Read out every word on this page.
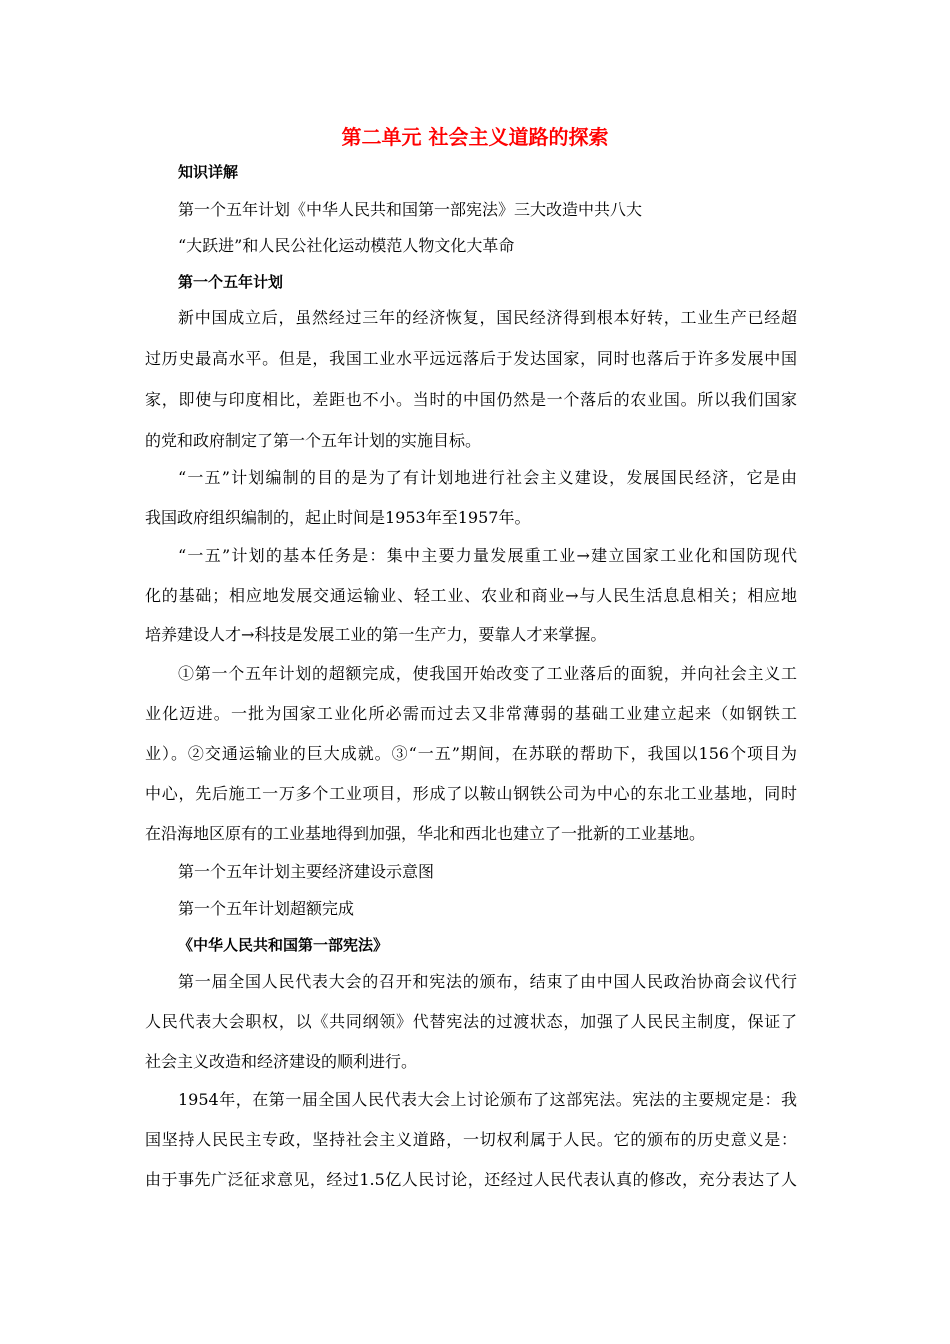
第二单元 社会主义道路的探索
知识详解
第一个五年计划《中华人民共和国第一部宪法》三大改造中共八大
“大跃进”和人民公社化运动模范人物文化大革命
第一个五年计划
新中国成立后，虽然经过三年的经济恢复，国民经济得到根本好转，工业生产已经超
过历史最高水平。但是，我国工业水平远远落后于发达国家，同时也落后于许多发展中国
家，即使与印度相比，差距也不小。当时的中国仍然是一个落后的农业国。所以我们国家
的党和政府制定了第一个五年计划的实施目标。
“一五”计划编制的目的是为了有计划地进行社会主义建设，发展国民经济，它是由
我国政府组织编制的，起止时间是1953年至1957年。
“一五”计划的基本任务是：集中主要力量发展重工业→建立国家工业化和国防现代
化的基础；相应地发展交通运输业、轻工业、农业和商业→与人民生活息息相关；相应地
培养建设人才→科技是发展工业的第一生产力，要靠人才来掌握。
①第一个五年计划的超额完成，使我国开始改变了工业落后的面貌，并向社会主义工
业化迈进。一批为国家工业化所必需而过去又非常薄弱的基础工业建立起来（如钢铁工
业）。②交通运输业的巨大成就。③“一五”期间，在苏联的帮助下，我国以156个项目为
中心，先后施工一万多个工业项目，形成了以鞍山钢铁公司为中心的东北工业基地，同时
在沿海地区原有的工业基地得到加强，华北和西北也建立了一批新的工业基地。
第一个五年计划主要经济建设示意图
第一个五年计划超额完成
《中华人民共和国第一部宪法》
第一届全国人民代表大会的召开和宪法的颁布，结束了由中国人民政治协商会议代行
人民代表大会职权，以《共同纲领》代替宪法的过渡状态，加强了人民民主制度，保证了
社会主义改造和经济建设的顺利进行。
1954年，在第一届全国人民代表大会上讨论颁布了这部宪法。宪法的主要规定是：我
国坚持人民民主专政，坚持社会主义道路，一切权利属于人民。它的颁布的历史意义是：
由于事先广泛征求意见，经过1.5亿人民讨论，还经过人民代表认真的修改，充分表达了人
